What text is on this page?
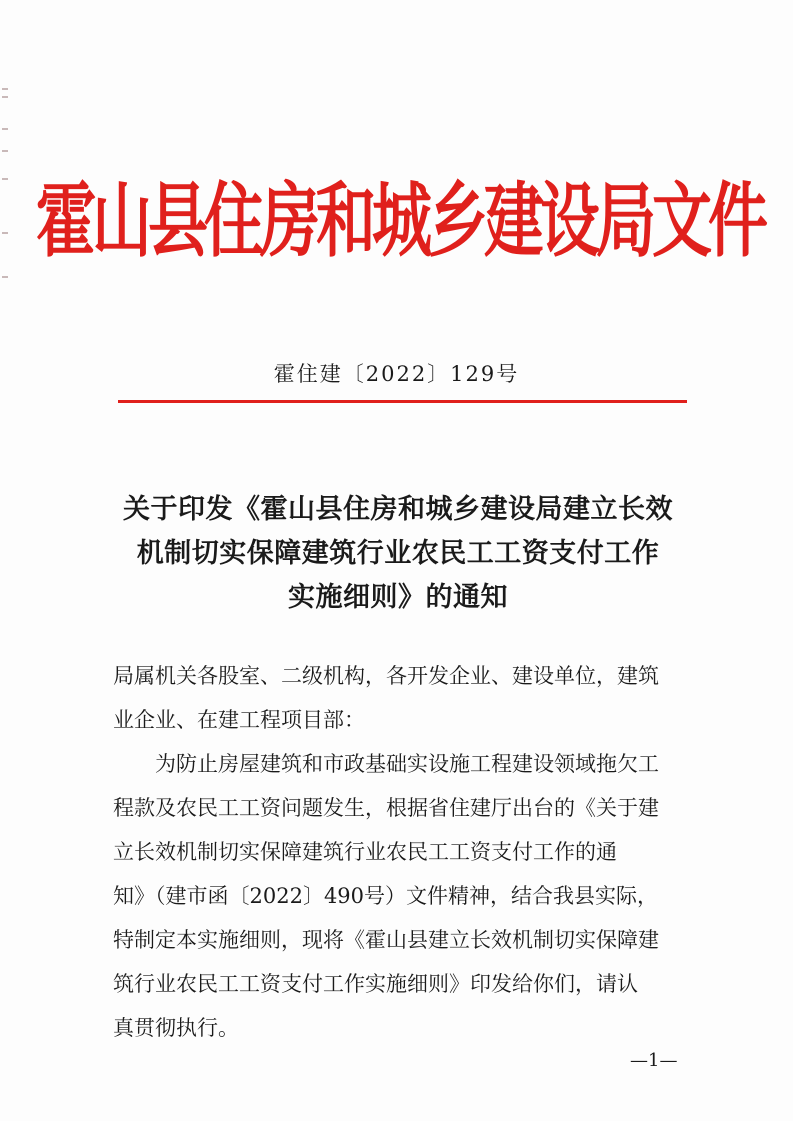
霍山县住房和城乡建设局文件
霍住建〔2022〕129号
关于印发《霍山县住房和城乡建设局建立长效
机制切实保障建筑行业农民工工资支付工作
实施细则》的通知
局属机关各股室、二级机构，各开发企业、建设单位，建筑
业企业、在建工程项目部：
为防止房屋建筑和市政基础实设施工程建设领域拖欠工
程款及农民工工资问题发生，根据省住建厅出台的《关于建
立长效机制切实保障建筑行业农民工工资支付工作的通
知》（建市函〔2022〕490号）文件精神，结合我县实际，
特制定本实施细则，现将《霍山县建立长效机制切实保障建
筑行业农民工工资支付工作实施细则》印发给你们，请认
真贯彻执行。
—1—
